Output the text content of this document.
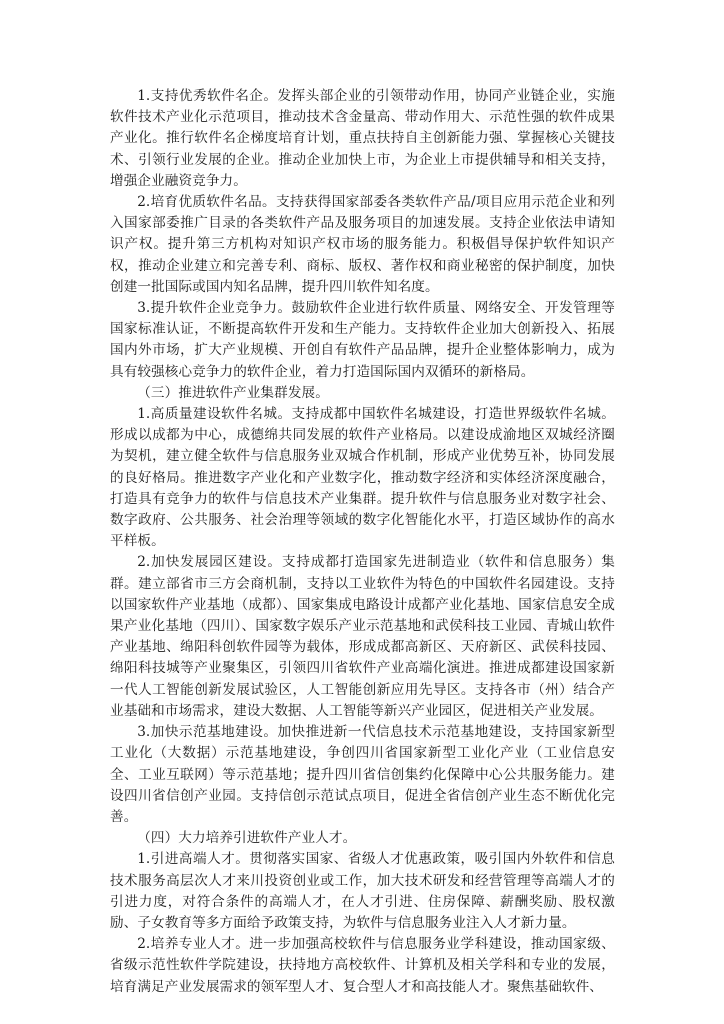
1.支持优秀软件名企。发挥头部企业的引领带动作用，协同产业链企业，实施软件技术产业化示范项目，推动技术含金量高、带动作用大、示范性强的软件成果产业化。推行软件名企梯度培育计划，重点扶持自主创新能力强、掌握核心关键技术、引领行业发展的企业。推动企业加快上市，为企业上市提供辅导和相关支持，增强企业融资竞争力。

2.培育优质软件名品。支持获得国家部委各类软件产品/项目应用示范企业和列入国家部委推广目录的各类软件产品及服务项目的加速发展。支持企业依法申请知识产权。提升第三方机构对知识产权市场的服务能力。积极倡导保护软件知识产权，推动企业建立和完善专利、商标、版权、著作权和商业秘密的保护制度，加快创建一批国际或国内知名品牌，提升四川软件知名度。

3.提升软件企业竞争力。鼓励软件企业进行软件质量、网络安全、开发管理等国家标准认证，不断提高软件开发和生产能力。支持软件企业加大创新投入、拓展国内外市场，扩大产业规模、开创自有软件产品品牌，提升企业整体影响力，成为具有较强核心竞争力的软件企业，着力打造国际国内双循环的新格局。

（三）推进软件产业集群发展。

1.高质量建设软件名城。支持成都中国软件名城建设，打造世界级软件名城。形成以成都为中心，成德绵共同发展的软件产业格局。以建设成渝地区双城经济圈为契机，建立健全软件与信息服务业双城合作机制，形成产业优势互补，协同发展的良好格局。推进数字产业化和产业数字化，推动数字经济和实体经济深度融合，打造具有竞争力的软件与信息技术产业集群。提升软件与信息服务业对数字社会、数字政府、公共服务、社会治理等领域的数字化智能化水平，打造区域协作的高水平样板。

2.加快发展园区建设。支持成都打造国家先进制造业（软件和信息服务）集群。建立部省市三方会商机制，支持以工业软件为特色的中国软件名园建设。支持以国家软件产业基地（成都）、国家集成电路设计成都产业化基地、国家信息安全成果产业化基地（四川）、国家数字娱乐产业示范基地和武侯科技工业园、青城山软件产业基地、绵阳科创软件园等为载体，形成成都高新区、天府新区、武侯科技园、绵阳科技城等产业聚集区，引领四川省软件产业高端化演进。推进成都建设国家新一代人工智能创新发展试验区，人工智能创新应用先导区。支持各市（州）结合产业基础和市场需求，建设大数据、人工智能等新兴产业园区，促进相关产业发展。

3.加快示范基地建设。加快推进新一代信息技术示范基地建设，支持国家新型工业化（大数据）示范基地建设，争创四川省国家新型工业化产业（工业信息安全、工业互联网）等示范基地；提升四川省信创集约化保障中心公共服务能力。建设四川省信创产业园。支持信创示范试点项目，促进全省信创产业生态不断优化完善。

（四）大力培养引进软件产业人才。

1.引进高端人才。贯彻落实国家、省级人才优惠政策，吸引国内外软件和信息技术服务高层次人才来川投资创业或工作，加大技术研发和经营管理等高端人才的引进力度，对符合条件的高端人才，在人才引进、住房保障、薪酬奖励、股权激励、子女教育等多方面给予政策支持，为软件与信息服务业注入人才新力量。

2.培养专业人才。进一步加强高校软件与信息服务业学科建设，推动国家级、省级示范性软件学院建设，扶持地方高校软件、计算机及相关学科和专业的发展，培育满足产业发展需求的领军型人才、复合型人才和高技能人才。聚焦基础软件、
